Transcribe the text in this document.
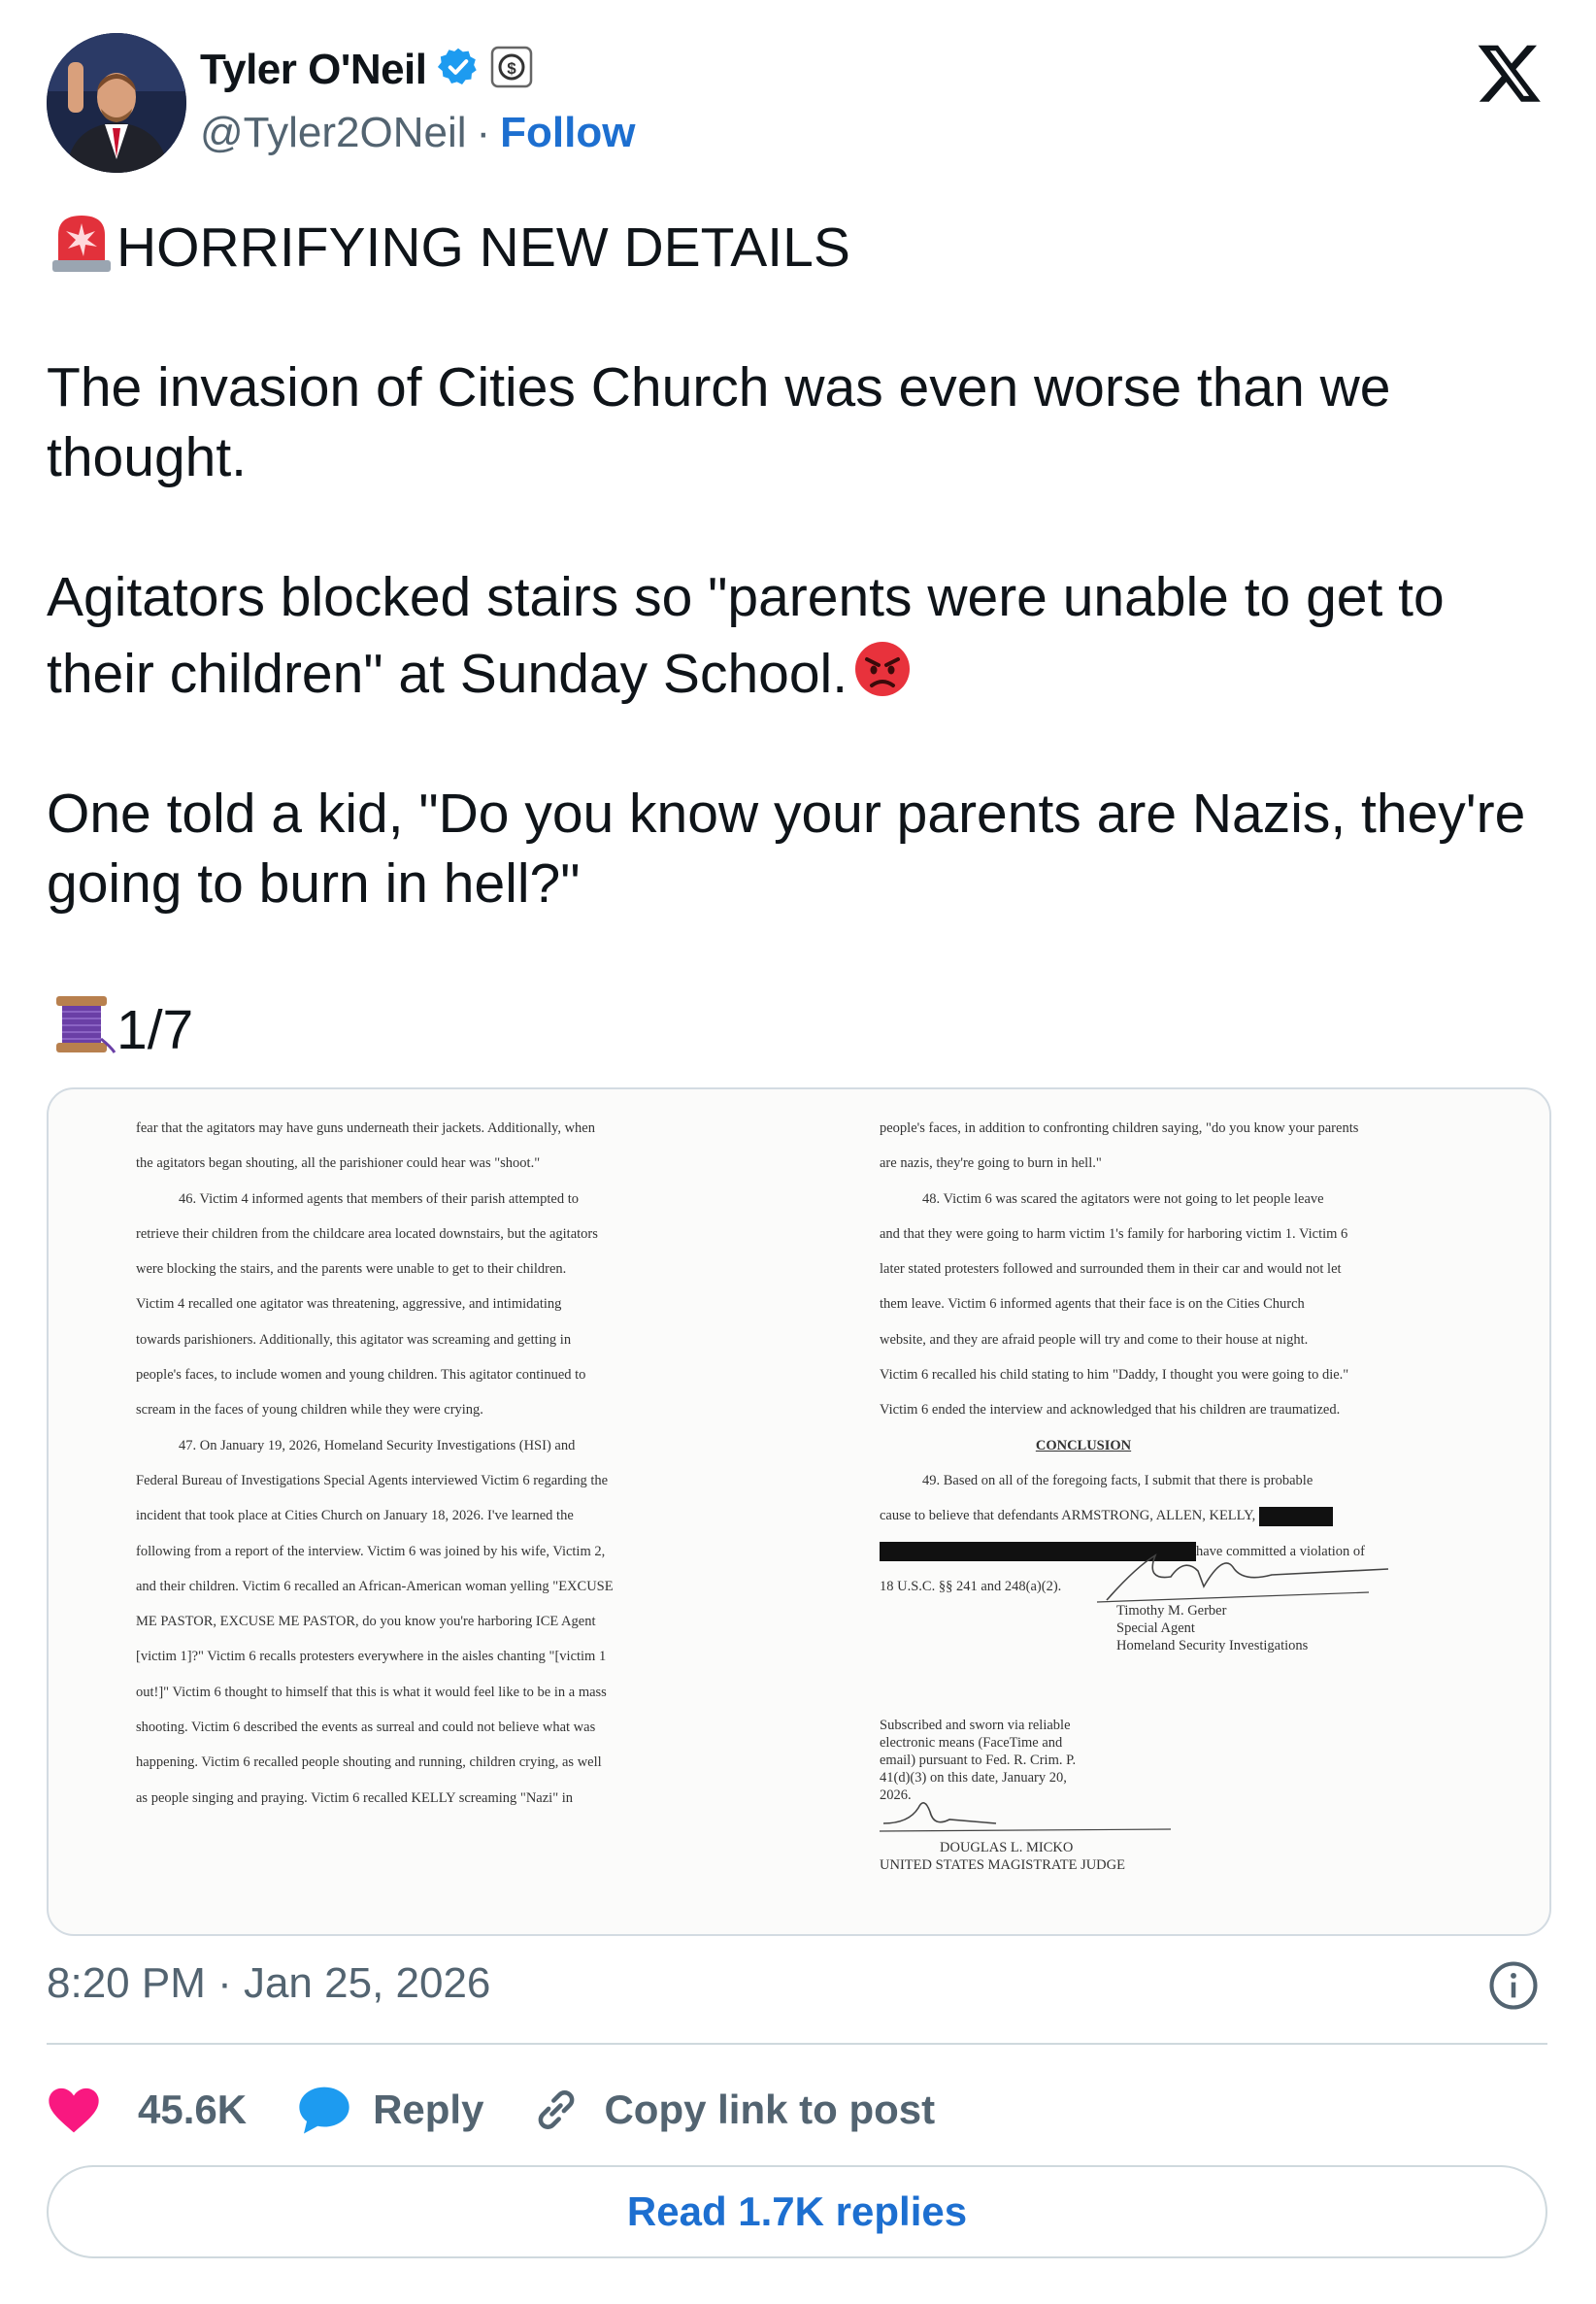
Tyler O'Neil	$
@Tyler2ONeil · Follow

HORRIFYING NEW DETAILS

The invasion of Cities Church was even worse than we thought.

Agitators blocked stairs so "parents were unable to get to their children" at Sunday School.

One told a kid, "Do you know your parents are Nazis, they're going to burn in hell?"

1/7

fear that the agitators may have guns underneath their jackets. Additionally, when
the agitators began shouting, all the parishioner could hear was "shoot."
46. Victim 4 informed agents that members of their parish attempted to
retrieve their children from the childcare area located downstairs, but the agitators
were blocking the stairs, and the parents were unable to get to their children.
Victim 4 recalled one agitator was threatening, aggressive, and intimidating
towards parishioners. Additionally, this agitator was screaming and getting in
people's faces, to include women and young children. This agitator continued to
scream in the faces of young children while they were crying.
47. On January 19, 2026, Homeland Security Investigations (HSI) and
Federal Bureau of Investigations Special Agents interviewed Victim 6 regarding the
incident that took place at Cities Church on January 18, 2026. I've learned the
following from a report of the interview. Victim 6 was joined by his wife, Victim 2,
and their children. Victim 6 recalled an African-American woman yelling "EXCUSE
ME PASTOR, EXCUSE ME PASTOR, do you know you're harboring ICE Agent
[victim 1]?" Victim 6 recalls protesters everywhere in the aisles chanting "[victim 1
out!]" Victim 6 thought to himself that this is what it would feel like to be in a mass
shooting. Victim 6 described the events as surreal and could not believe what was
happening. Victim 6 recalled people shouting and running, children crying, as well
as people singing and praying. Victim 6 recalled KELLY screaming "Nazi" in
people's faces, in addition to confronting children saying, "do you know your parents
are nazis, they're going to burn in hell."
48. Victim 6 was scared the agitators were not going to let people leave
and that they were going to harm victim 1's family for harboring victim 1. Victim 6
later stated protesters followed and surrounded them in their car and would not let
them leave. Victim 6 informed agents that their face is on the Cities Church
website, and they are afraid people will try and come to their house at night.
Victim 6 recalled his child stating to him "Daddy, I thought you were going to die."
Victim 6 ended the interview and acknowledged that his children are traumatized.
CONCLUSION
49. Based on all of the foregoing facts, I submit that there is probable
cause to believe that defendants ARMSTRONG, ALLEN, KELLY,
have committed a violation of
18 U.S.C. §§ 241 and 248(a)(2).
Timothy M. Gerber
Special Agent
Homeland Security Investigations
Subscribed and sworn via reliable
electronic means (FaceTime and
email) pursuant to Fed. R. Crim. P.
41(d)(3) on this date, January 20,
2026.
DOUGLAS L. MICKO
UNITED STATES MAGISTRATE JUDGE
8:20 PM · Jan 25, 2026
45.6K	Reply	Copy link to post
Read 1.7K replies
